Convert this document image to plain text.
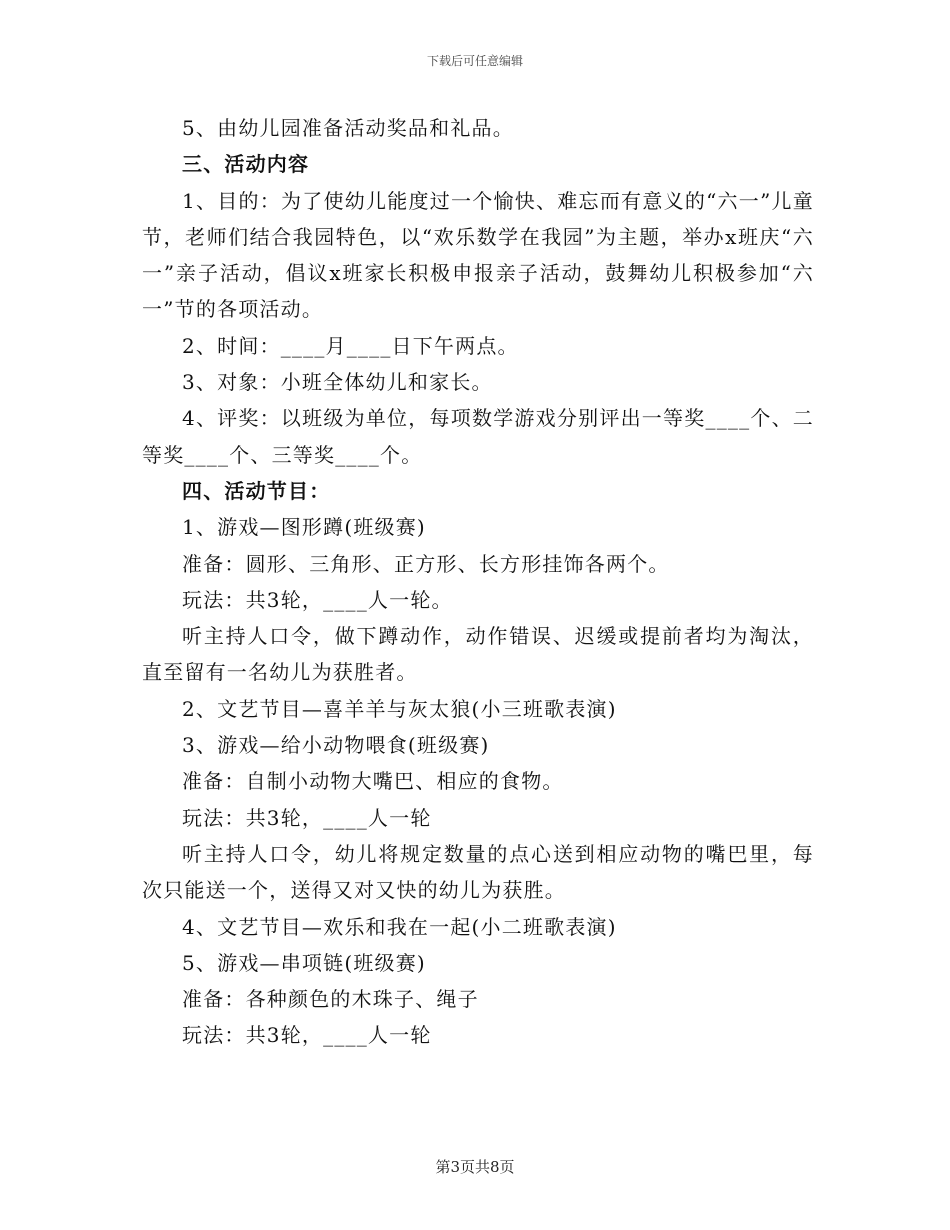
下载后可任意编辑

5、由幼儿园准备活动奖品和礼品。

三、活动内容

1、目的：为了使幼儿能度过一个愉快、难忘而有意义的“六一”儿童节，老师们结合我园特色，以“欢乐数学在我园”为主题，举办x班庆“六一”亲子活动，倡议x班家长积极申报亲子活动，鼓舞幼儿积极参加“六一”节的各项活动。

2、时间：____月____日下午两点。

3、对象：小班全体幼儿和家长。

4、评奖：以班级为单位，每项数学游戏分别评出一等奖____个、二等奖____个、三等奖____个。

四、活动节目：

1、游戏—图形蹲(班级赛)

准备：圆形、三角形、正方形、长方形挂饰各两个。

玩法：共3轮，____人一轮。

听主持人口令，做下蹲动作，动作错误、迟缓或提前者均为淘汰，直至留有一名幼儿为获胜者。

2、文艺节目—喜羊羊与灰太狼(小三班歌表演)

3、游戏—给小动物喂食(班级赛)

准备：自制小动物大嘴巴、相应的食物。

玩法：共3轮，____人一轮

听主持人口令，幼儿将规定数量的点心送到相应动物的嘴巴里，每次只能送一个，送得又对又快的幼儿为获胜。

4、文艺节目—欢乐和我在一起(小二班歌表演)

5、游戏—串项链(班级赛)

准备：各种颜色的木珠子、绳子

玩法：共3轮，____人一轮

第3页共8页
